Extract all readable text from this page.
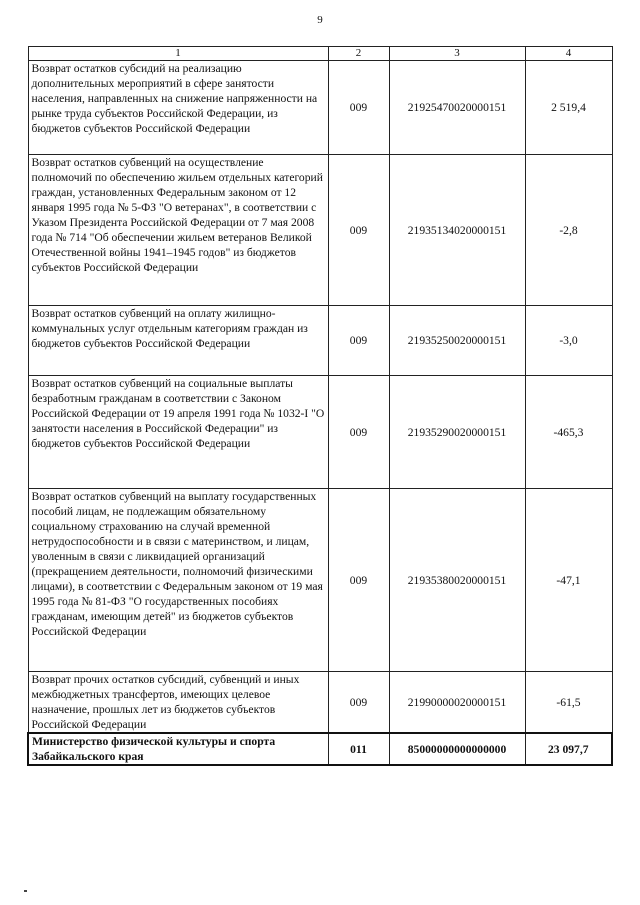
9
1	2	3	4
Возврат остатков субсидий на реализацию дополнительных мероприятий в сфере занятости населения, направленных на снижение напряженности на рынке труда субъектов Российской Федерации, из бюджетов субъектов Российской Федерации	009	21925470020000151	2 519,4
Возврат остатков субвенций на осуществление полномочий по обеспечению жильем отдельных категорий граждан, установленных Федеральным законом от 12 января 1995 года № 5-ФЗ "О ветеранах", в соответствии с Указом Президента Российской Федерации от 7 мая 2008 года № 714 "Об обеспечении жильем ветеранов Великой Отечественной войны 1941–1945 годов" из бюджетов субъектов Российской Федерации	009	21935134020000151	-2,8
Возврат остатков субвенций на оплату жилищно-коммунальных услуг отдельным категориям граждан из бюджетов субъектов Российской Федерации	009	21935250020000151	-3,0
Возврат остатков субвенций на социальные выплаты безработным гражданам в соответствии с Законом Российской Федерации от 19 апреля 1991 года № 1032-I "О занятости населения в Российской Федерации" из бюджетов субъектов Российской Федерации	009	21935290020000151	-465,3
Возврат остатков субвенций на выплату государственных пособий лицам, не подлежащим обязательному социальному страхованию на случай временной нетрудоспособности и в связи с материнством, и лицам, уволенным в связи с ликвидацией организаций (прекращением деятельности, полномочий физическими лицами), в соответствии с Федеральным законом от 19 мая 1995 года № 81-ФЗ "О государственных пособиях гражданам, имеющим детей" из бюджетов субъектов Российской Федерации	009	21935380020000151	-47,1
Возврат прочих остатков субсидий, субвенций и иных межбюджетных трансфертов, имеющих целевое назначение, прошлых лет из бюджетов субъектов Российской Федерации	009	21990000020000151	-61,5
Министерство физической культуры и спорта Забайкальского края	011	85000000000000000	23 097,7
